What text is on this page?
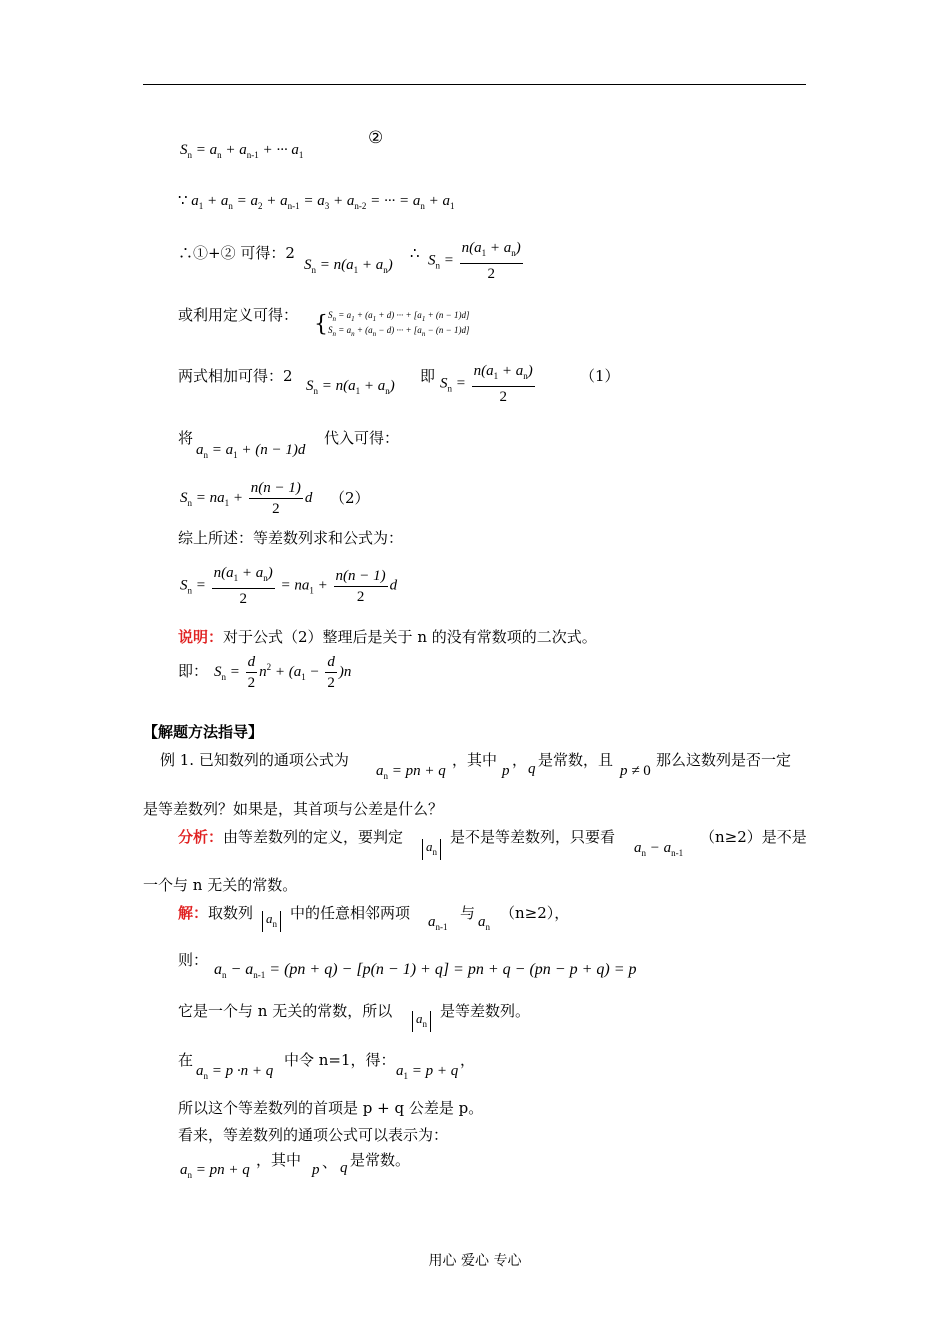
$S_n = a_n + a_{n-1}$ + ··· $a_1$
②
∵ $a_1 + a_n = a_2 + a_{n-1} = a_3 + a_{n-2}$ = ··· = $a_n + a_1$
∴①+② 可得：2
$S_n = n(a_1 + a_n)$
∴ $S_n = \frac{n(a_1 + a_n)}{2}$
或利用定义可得： {$S_n = a_1 + (a_1 + d)$ ··· + $[a_1 + (n - 1)d]$
$S_n = a_n + (a_n - d)$ ··· + $[a_n - (n - 1)d]$
两式相加可得：2
$S_n = n(a_1 + a_n)$
即 $S_n = \frac{n(a_1 + a_n)}{2}$	（1）
将
$a_n = a_1 + (n - 1)d$
代入可得：
$S_n = na_1 + \frac{n(n - 1)}{2}$ d （2）
综上所述：等差数列求和公式为：
$S_n = \frac{n(a_1 + a_n)}{2} = na_1 + \frac{n(n - 1)}{2}$ d
说明：对于公式（2）整理后是关于 n 的没有常数项的二次式。
即： $S_n = \frac{d}{2} n^2 + (a_1 - \frac{d}{2} )n$
【解题方法指导】
例 1. 已知数列的通项公式为
$a_n$ = pn + q
，其中
p
， q 是常数，且
p ≠ 0
那么这数列是否一定
是等差数列？如果是，其首项与公差是什么？
分析：由等差数列的定义，要判定	$a_n$
是不是等差数列，只要看
$a_n - a_{n-1}$
（n≥2）是不是
一个与 n 无关的常数。
解：取数列 $a_n$
中的任意相邻两项 $a_{n-1}$
与 $a_n$
（n≥2），
则：
$a_n - a_{n-1} = (pn + q) - [p(n - 1) + q]$ = pn + q − (pn − p + q) = p
它是一个与 n 无关的常数，所以	$a_n$
是等差数列。
在
$a_n = p \cdot n + q$
中令 n=1，得：
$a_1 = p + q$
，
所以这个等差数列的首项是 p + q 公差是 p。
看来，等差数列的通项公式可以表示为：
$a_n$ = pn + q
，其中
p 、 q 是常数。
用心 爱心 专心
